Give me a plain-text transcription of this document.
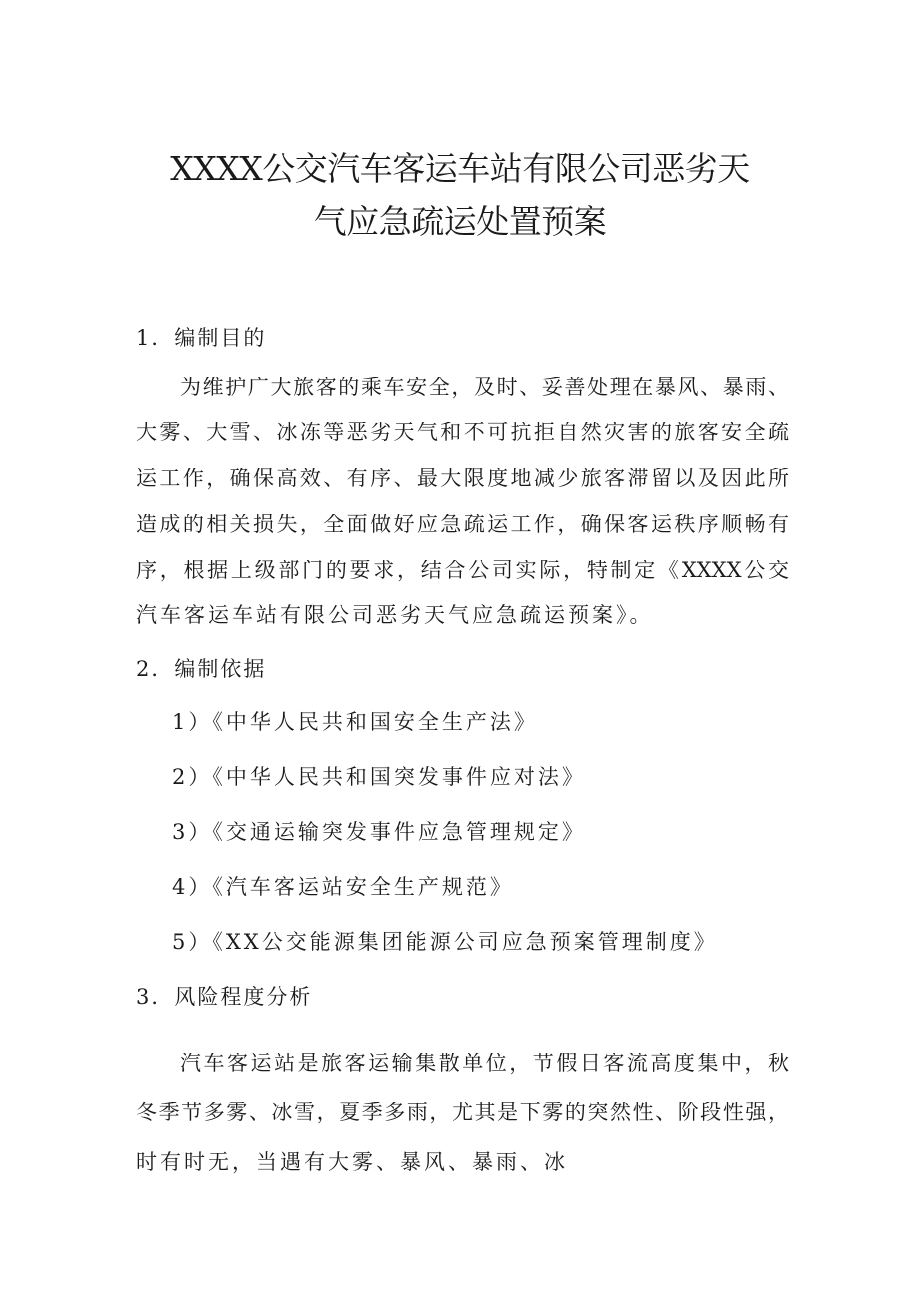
XXXX公交汽车客运车站有限公司恶劣天
气应急疏运处置预案
1．编制目的

为维护广大旅客的乘车安全，及时、妥善处理在暴风、暴雨、

大雾、大雪、冰冻等恶劣天气和不可抗拒自然灾害的旅客安全疏

运工作，确保高效、有序、最大限度地减少旅客滞留以及因此所

造成的相关损失，全面做好应急疏运工作，确保客运秩序顺畅有

序，根据上级部门的要求，结合公司实际，特制定《XXXX公交

汽车客运车站有限公司恶劣天气应急疏运预案》。

2．编制依据

1）《中华人民共和国安全生产法》

2）《中华人民共和国突发事件应对法》

3）《交通运输突发事件应急管理规定》

4）《汽车客运站安全生产规范》

5）《XX公交能源集团能源公司应急预案管理制度》

3．风险程度分析

汽车客运站是旅客运输集散单位，节假日客流高度集中，秋

冬季节多雾、冰雪，夏季多雨，尤其是下雾的突然性、阶段性强，

时有时无，当遇有大雾、暴风、暴雨、冰
